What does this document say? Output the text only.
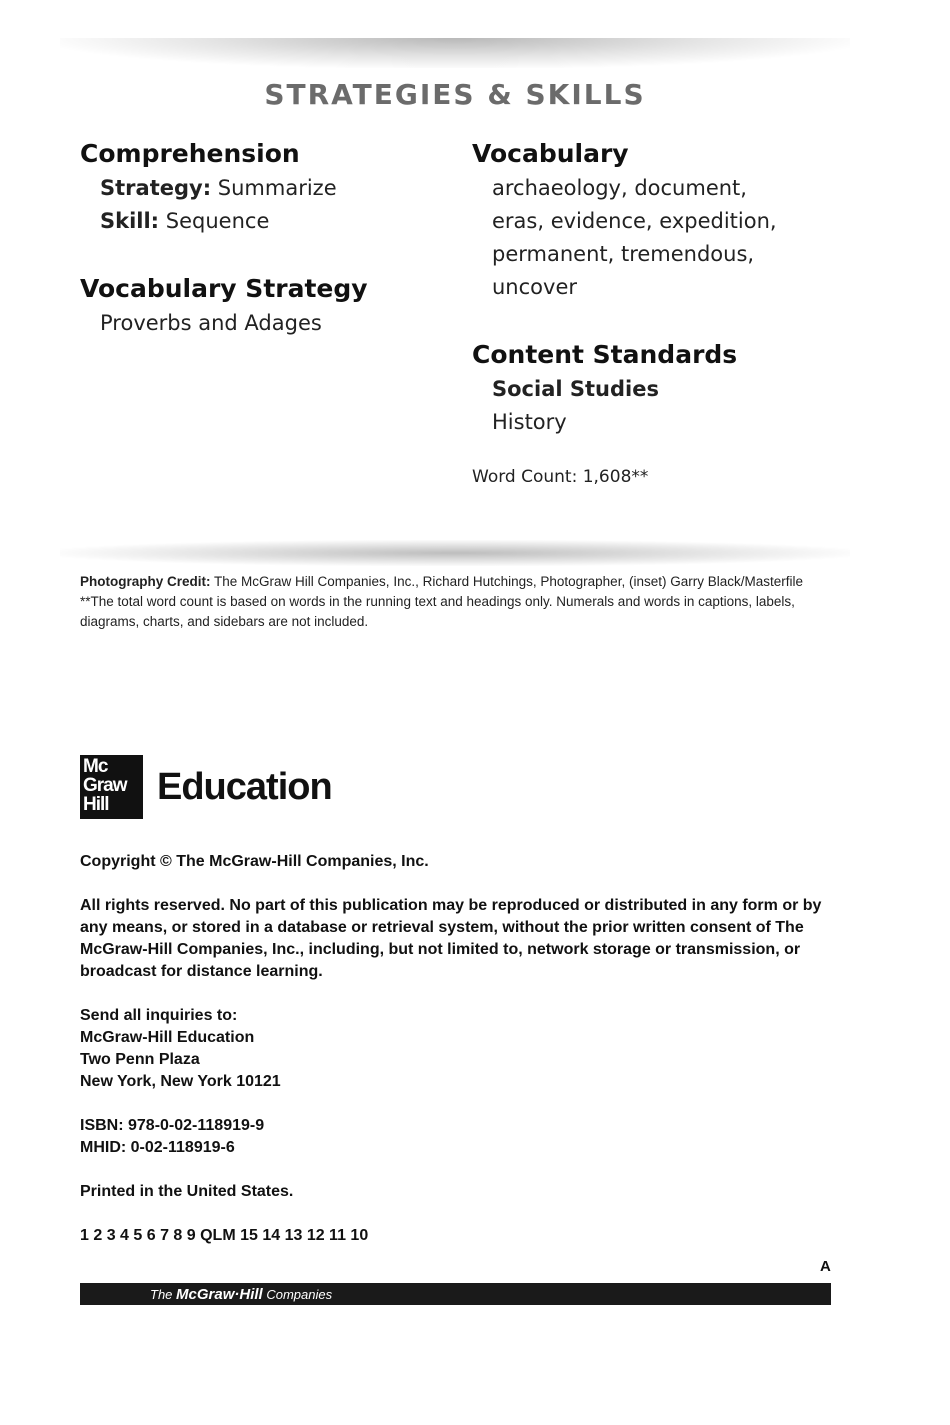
STRATEGIES & SKILLS
Comprehension
Strategy: Summarize
Skill: Sequence
Vocabulary Strategy
Proverbs and Adages
Vocabulary
archaeology, document,
eras, evidence, expedition,
permanent, tremendous,
uncover
Content Standards
Social Studies
History
Word Count: 1,608**
Photography Credit: The McGraw Hill Companies, Inc., Richard Hutchings, Photographer, (inset) Garry Black/Masterfile
**The total word count is based on words in the running text and headings only. Numerals and words in captions, labels, diagrams, charts, and sidebars are not included.
Mc
Graw
Hill	Education

Copyright © The McGraw-Hill Companies, Inc.

All rights reserved. No part of this publication may be reproduced or distributed in any form or by any means, or stored in a database or retrieval system, without the prior written consent of The McGraw-Hill Companies, Inc., including, but not limited to, network storage or transmission, or broadcast for distance learning.

Send all inquiries to:
McGraw-Hill Education
Two Penn Plaza
New York, New York 10121

ISBN: 978-0-02-118919-9
MHID: 0-02-118919-6

Printed in the United States.

1 2 3 4 5 6 7 8 9 QLM 15 14 13 12 11 10

A
The McGraw·Hill Companies
